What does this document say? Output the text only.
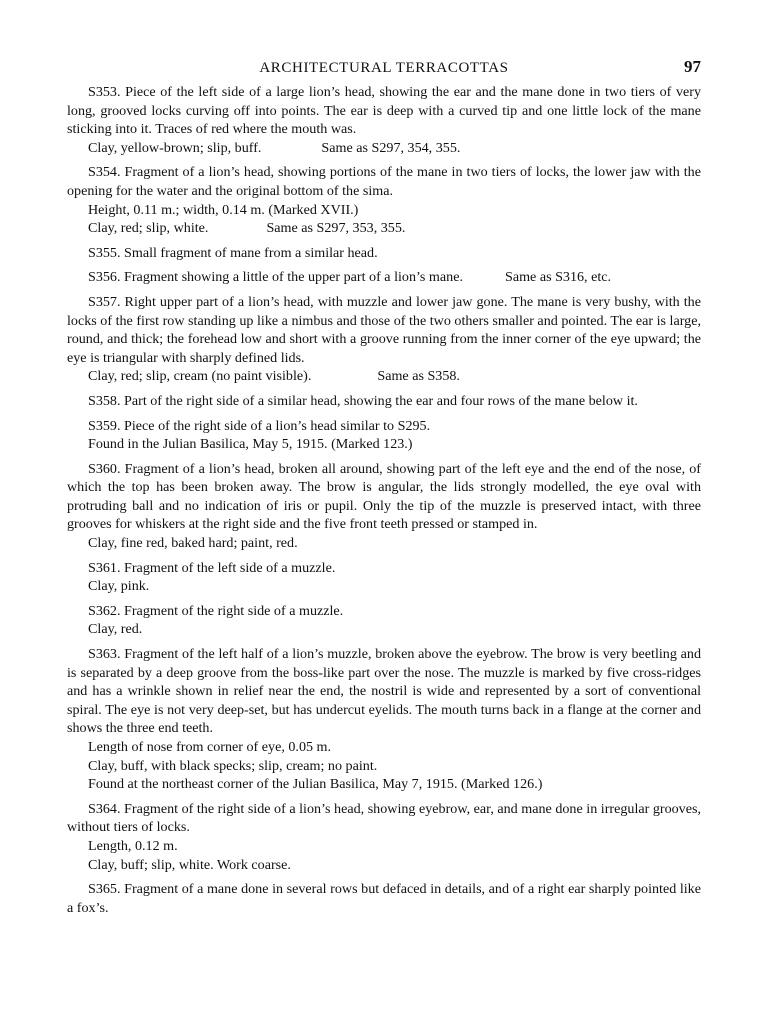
ARCHITECTURAL TERRACOTTAS	97

S353. Piece of the left side of a large lion’s head, showing the ear and the mane done in two tiers of very long, grooved locks curving off into points. The ear is deep with a curved tip and one little lock of the mane sticking into it. Traces of red where the mouth was.

Clay, yellow-brown; slip, buff.	Same as S297, 354, 355.

S354. Fragment of a lion’s head, showing portions of the mane in two tiers of locks, the lower jaw with the opening for the water and the original bottom of the sima.

Height, 0.11 m.; width, 0.14 m. (Marked XVII.)
Clay, red; slip, white.	Same as S297, 353, 355.

S355. Small fragment of mane from a similar head.

S356. Fragment showing a little of the upper part of a lion’s mane.	Same as S316, etc.

S357. Right upper part of a lion’s head, with muzzle and lower jaw gone. The mane is very bushy, with the locks of the first row standing up like a nimbus and those of the two others smaller and pointed. The ear is large, round, and thick; the forehead low and short with a groove running from the inner corner of the eye upward; the eye is triangular with sharply defined lids.

Clay, red; slip, cream (no paint visible).	Same as S358.

S358. Part of the right side of a similar head, showing the ear and four rows of the mane below it.

S359. Piece of the right side of a lion’s head similar to S295.

Found in the Julian Basilica, May 5, 1915. (Marked 123.)

S360. Fragment of a lion’s head, broken all around, showing part of the left eye and the end of the nose, of which the top has been broken away. The brow is angular, the lids strongly modelled, the eye oval with protruding ball and no indication of iris or pupil. Only the tip of the muzzle is preserved intact, with three grooves for whiskers at the right side and the five front teeth pressed or stamped in.

Clay, fine red, baked hard; paint, red.

S361. Fragment of the left side of a muzzle.

Clay, pink.

S362. Fragment of the right side of a muzzle.

Clay, red.

S363. Fragment of the left half of a lion’s muzzle, broken above the eyebrow. The brow is very beetling and is separated by a deep groove from the boss-like part over the nose. The muzzle is marked by five cross-ridges and has a wrinkle shown in relief near the end, the nostril is wide and represented by a sort of conventional spiral. The eye is not very deep-set, but has undercut eyelids. The mouth turns back in a flange at the corner and shows the three end teeth.

Length of nose from corner of eye, 0.05 m.
Clay, buff, with black specks; slip, cream; no paint.
Found at the northeast corner of the Julian Basilica, May 7, 1915. (Marked 126.)

S364. Fragment of the right side of a lion’s head, showing eyebrow, ear, and mane done in irregular grooves, without tiers of locks.

Length, 0.12 m.
Clay, buff; slip, white. Work coarse.

S365. Fragment of a mane done in several rows but defaced in details, and of a right ear sharply pointed like a fox’s.
